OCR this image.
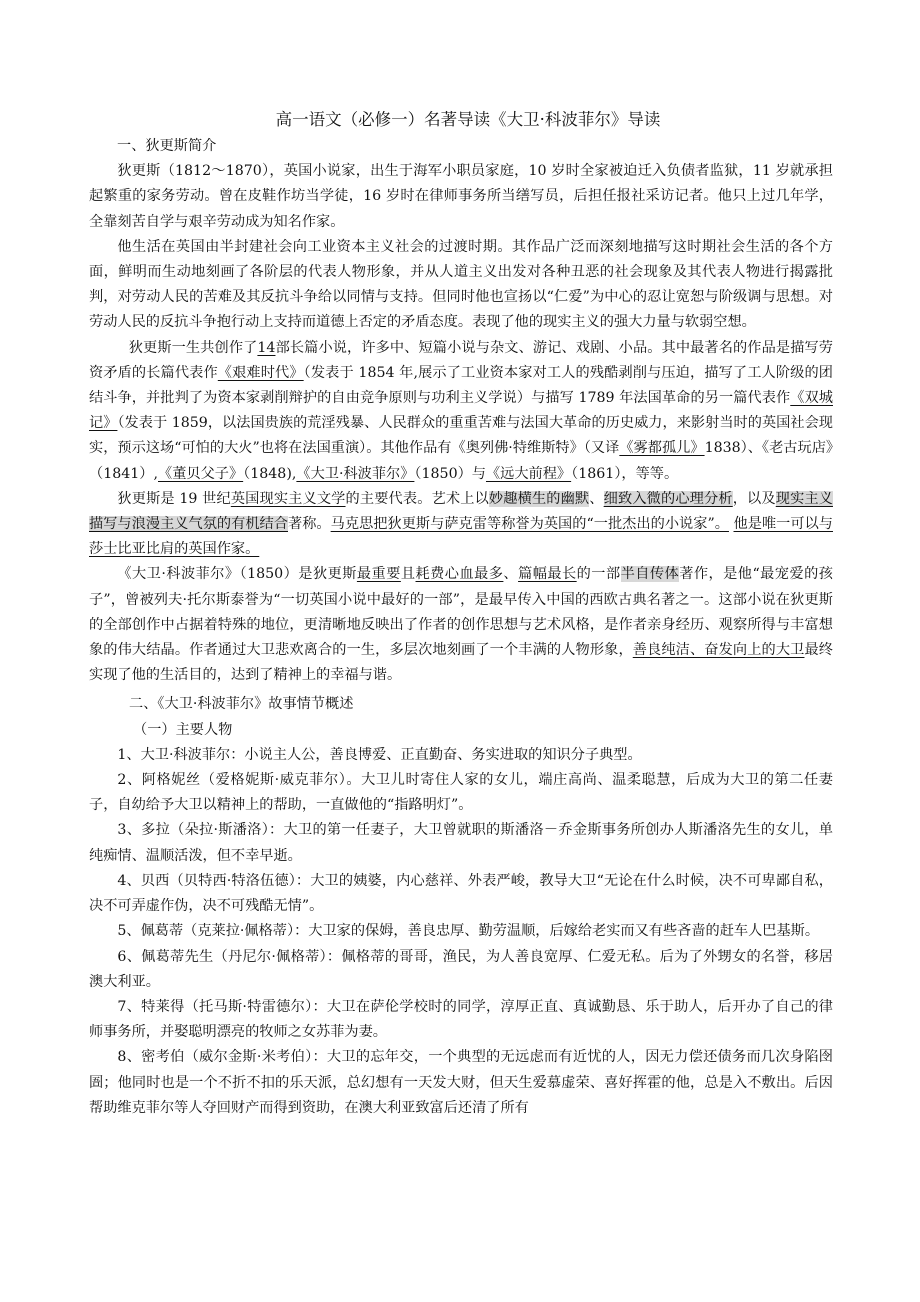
高一语文（必修一）名著导读《大卫·科波菲尔》导读
一、狄更斯简介

狄更斯（1812～1870），英国小说家，出生于海军小职员家庭，10 岁时全家被迫迁入负债者监狱，11 岁就承担起繁重的家务劳动。曾在皮鞋作坊当学徒，16 岁时在律师事务所当缮写员，后担任报社采访记者。他只上过几年学，全靠刻苦自学与艰辛劳动成为知名作家。

他生活在英国由半封建社会向工业资本主义社会的过渡时期。其作品广泛而深刻地描写这时期社会生活的各个方面，鲜明而生动地刻画了各阶层的代表人物形象，并从人道主义出发对各种丑恶的社会现象及其代表人物进行揭露批判，对劳动人民的苦难及其反抗斗争给以同情与支持。但同时他也宣扬以“仁爱”为中心的忍让宽恕与阶级调与思想。对劳动人民的反抗斗争抱行动上支持而道德上否定的矛盾态度。表现了他的现实主义的强大力量与软弱空想。

狄更斯一生共创作了14部长篇小说，许多中、短篇小说与杂文、游记、戏剧、小品。其中最著名的作品是描写劳资矛盾的长篇代表作《艰难时代》（发表于 1854 年,展示了工业资本家对工人的残酷剥削与压迫，描写了工人阶级的团结斗争，并批判了为资本家剥削辩护的自由竞争原则与功利主义学说）与描写 1789 年法国革命的另一篇代表作《双城记》（发表于 1859，以法国贵族的荒淫残暴、人民群众的重重苦难与法国大革命的历史威力，来影射当时的英国社会现实，预示这场“可怕的大火”也将在法国重演）。其他作品有《奥列佛·特维斯特》（又译《雾都孤儿》1838）、《老古玩店》（1841）,《董贝父子》（1848),《大卫·科波菲尔》（1850）与《远大前程》（1861），等等。

狄更斯是 19 世纪英国现实主义文学的主要代表。艺术上以妙趣横生的幽默、细致入微的心理分析，以及现实主义描写与浪漫主义气氛的有机结合著称。马克思把狄更斯与萨克雷等称誉为英国的“一批杰出的小说家”。 他是唯一可以与莎士比亚比肩的英国作家。

《大卫·科波菲尔》（1850）是狄更斯最重要且耗费心血最多、篇幅最长的一部半自传体著作，是他“最宠爱的孩子”，曾被列夫·托尔斯泰誉为“一切英国小说中最好的一部”，是最早传入中国的西欧古典名著之一。这部小说在狄更斯的全部创作中占据着特殊的地位，更清晰地反映出了作者的创作思想与艺术风格，是作者亲身经历、观察所得与丰富想象的伟大结晶。作者通过大卫悲欢离合的一生，多层次地刻画了一个丰满的人物形象，善良纯洁、奋发向上的大卫最终实现了他的生活目的，达到了精神上的幸福与谐。

二、《大卫·科波菲尔》故事情节概述
（一）主要人物

1、大卫·科波菲尔：小说主人公，善良博爱、正直勤奋、务实进取的知识分子典型。

2、阿格妮丝（爱格妮斯·威克菲尔）。大卫儿时寄住人家的女儿，端庄高尚、温柔聪慧，后成为大卫的第二任妻子，自幼给予大卫以精神上的帮助，一直做他的“指路明灯”。

3、多拉（朵拉·斯潘洛）：大卫的第一任妻子，大卫曾就职的斯潘洛－乔金斯事务所创办人斯潘洛先生的女儿，单纯痴情、温顺活泼，但不幸早逝。

4、贝西（贝特西·特洛伍德）：大卫的姨婆，内心慈祥、外表严峻，教导大卫“无论在什么时候，决不可卑鄙自私，决不可弄虚作伪，决不可残酷无情”。

5、佩葛蒂（克莱拉·佩格蒂）：大卫家的保姆，善良忠厚、勤劳温顺，后嫁给老实而又有些吝啬的赶车人巴基斯。

6、佩葛蒂先生（丹尼尔·佩格蒂）：佩格蒂的哥哥，渔民，为人善良宽厚、仁爱无私。后为了外甥女的名誉，移居澳大利亚。

7、特莱得（托马斯·特雷德尔）：大卫在萨伦学校时的同学，淳厚正直、真诚勤恳、乐于助人，后开办了自己的律师事务所，并娶聪明漂亮的牧师之女苏菲为妻。

8、密考伯（威尔金斯·米考伯）：大卫的忘年交，一个典型的无远虑而有近忧的人，因无力偿还债务而几次身陷囹圄；他同时也是一个不折不扣的乐天派，总幻想有一天发大财，但天生爱慕虚荣、喜好挥霍的他，总是入不敷出。后因帮助维克菲尔等人夺回财产而得到资助，在澳大利亚致富后还清了所有
